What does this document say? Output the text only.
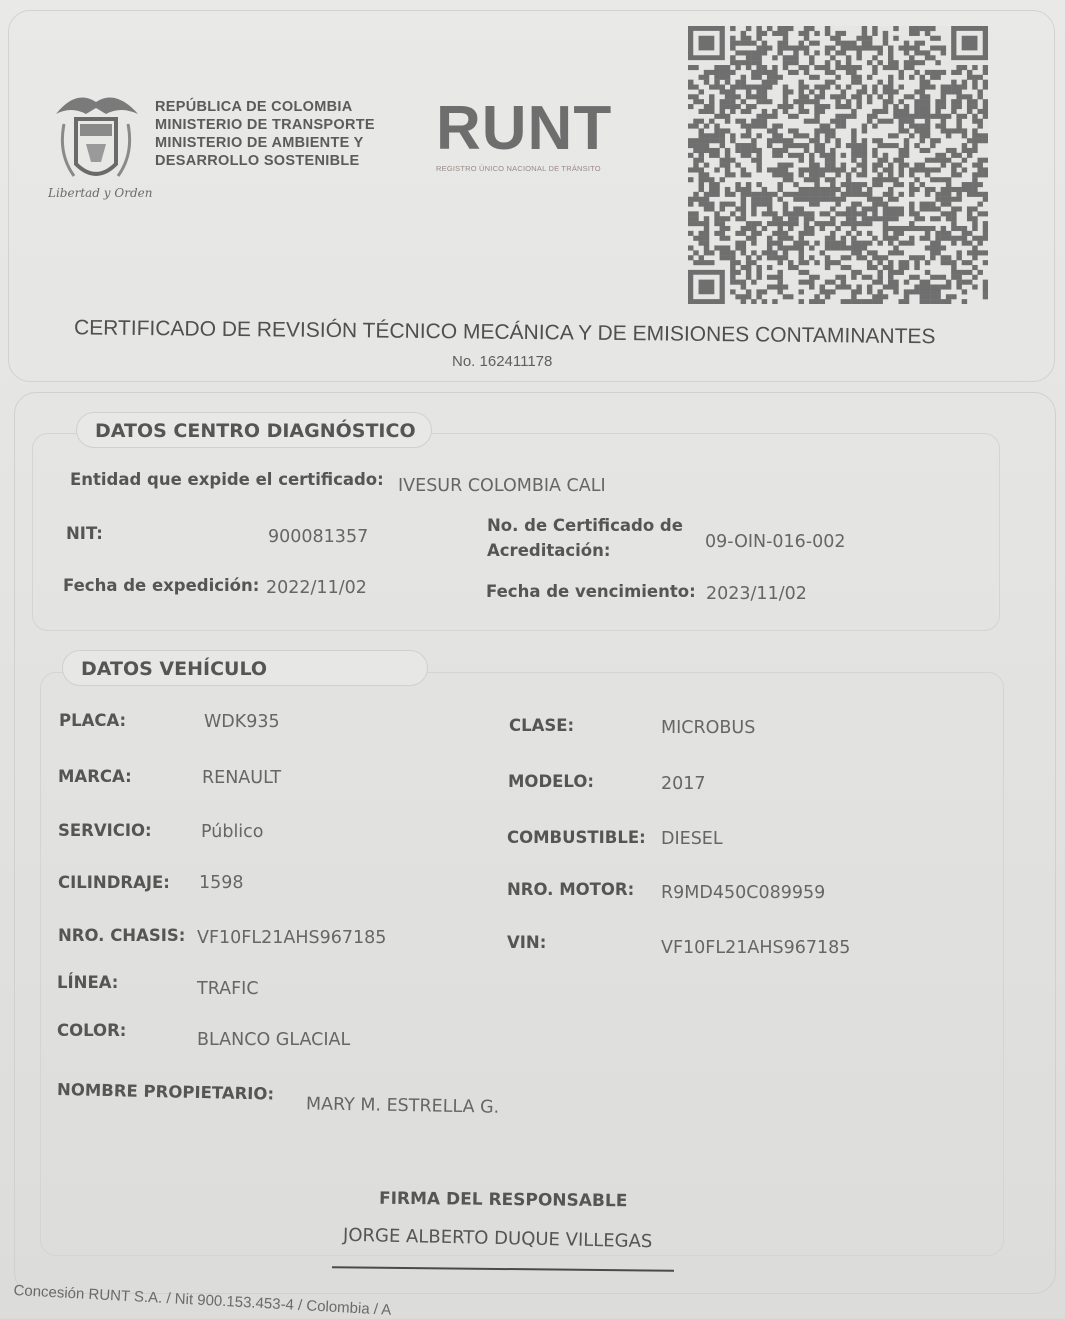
Libertad y Orden
REPÚBLICA DE COLOMBIA
MINISTERIO DE TRANSPORTE
MINISTERIO DE AMBIENTE Y
DESARROLLO SOSTENIBLE	RUNT
REGISTRO ÚNICO NACIONAL DE TRÁNSITO
CERTIFICADO DE REVISIÓN TÉCNICO MECÁNICA Y DE EMISIONES CONTAMINANTES
No. 162411178
DATOS CENTRO DIAGNÓSTICO
Entidad que expide el certificado: IVESUR COLOMBIA CALI
NIT:	900081357
No. de Certificado de Acreditación:	09-OIN-016-002
Fecha de expedición: 2022/11/02	Fecha de vencimiento: 2023/11/02
DATOS VEHÍCULO
PLACA:	WDK935	CLASE:	MICROBUS
MARCA:	RENAULT	MODELO:	2017
SERVICIO:	Público	COMBUSTIBLE: DIESEL
CILINDRAJE: 1598	NRO. MOTOR: R9MD450C089959
NRO. CHASIS: VF10FL21AHS967185	VIN:	VF10FL21AHS967185
LÍNEA:	TRAFIC
COLOR:	BLANCO GLACIAL
NOMBRE PROPIETARIO:
MARY M. ESTRELLA G.
FIRMA DEL RESPONSABLE
JORGE ALBERTO DUQUE VILLEGAS
Concesión RUNT S.A. / Nit 900.153.453-4 / Colombia / A
